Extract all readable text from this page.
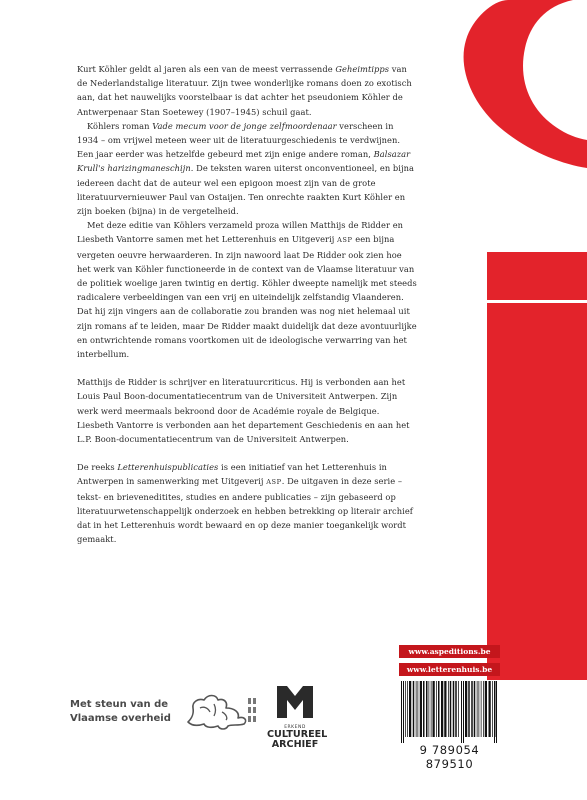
Kurt Köhler geldt al jaren als een van de meest verrassende Geheimtipps van de Nederlandstalige literatuur. Zijn twee wonderlijke romans doen zo exotisch aan, dat het nauwelijks voorstelbaar is dat achter het pseudoniem Köhler de Antwerpenaar Stan Soetewey (1907–1945) schuil gaat.

Köhlers roman Vade mecum voor de jonge zelfmoordenaar verscheen in 1934 – om vrijwel meteen weer uit de literatuurgeschiedenis te verdwijnen. Een jaar eerder was hetzelfde gebeurd met zijn enige andere roman, Balsazar Krull's harizingmaneschijn. De teksten waren uiterst onconventioneel, en bijna iedereen dacht dat de auteur wel een epigoon moest zijn van de grote literatuurvernieuwer Paul van Ostaijen. Ten onrechte raakten Kurt Köhler en zijn boeken (bijna) in de vergetelheid.

Met deze editie van Köhlers verzameld proza willen Matthijs de Ridder en Liesbeth Vantorre samen met het Letterenhuis en Uitgeverij ASP een bijna vergeten oeuvre herwaarderen. In zijn nawoord laat De Ridder ook zien hoe het werk van Köhler functioneerde in de context van de Vlaamse literatuur van de politiek woelige jaren twintig en dertig. Köhler dweepte namelijk met steeds radicalere verbeeldingen van een vrij en uiteindelijk zelfstandig Vlaanderen. Dat hij zijn vingers aan de collaboratie zou branden was nog niet helemaal uit zijn romans af te leiden, maar De Ridder maakt duidelijk dat deze avontuurlijke en ontwrichtende romans voortkomen uit de ideologische verwarring van het interbellum.

Matthijs de Ridder is schrijver en literatuurcriticus. Hij is verbonden aan het Louis Paul Boon-documentatiecentrum van de Universiteit Antwerpen. Zijn werk werd meermaals bekroond door de Académie royale de Belgique.

Liesbeth Vantorre is verbonden aan het departement Geschiedenis en aan het L.P. Boon-documentatiecentrum van de Universiteit Antwerpen.

De reeks Letterenhuispublicaties is een initiatief van het Letterenhuis in Antwerpen in samenwerking met Uitgeverij ASP. De uitgaven in deze serie – tekst- en brieveneditites, studies en andere publicaties – zijn gebaseerd op literatuurwetenschappelijk onderzoek en hebben betrekking op literair archief dat in het Letterenhuis wordt bewaard en op deze manier toegankelijk wordt gemaakt.

Met steun van de
Vlaamse overheid
ERKEND
CULTUREEL
ARCHIEF
www.aspeditions.be
www.letterenhuis.be
9 789054 879510
